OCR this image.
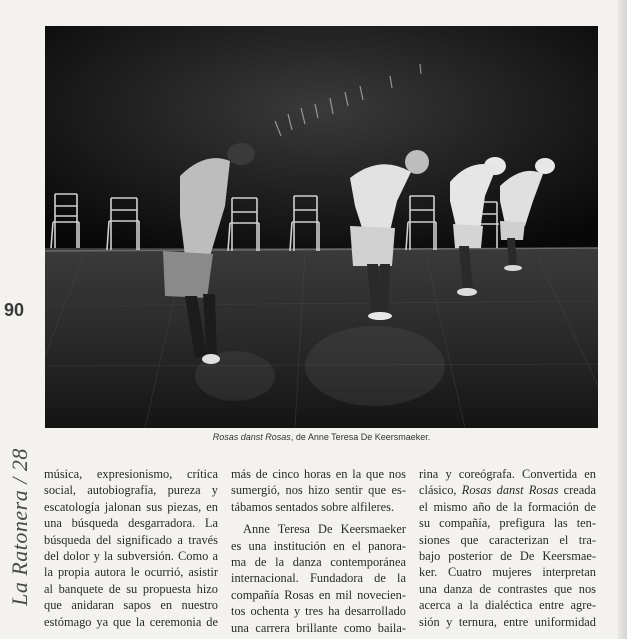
Rosas danst Rosas, de Anne Teresa De Keersmaeker.
90
La Ratonera / 28 música, expresionismo, crítica
social, autobiografía, pureza y
escatología jalonan sus piezas, en
una búsqueda desgarradora. La
búsqueda del significado a través
del dolor y la subversión. Como a
la propia autora le ocurrió, asistir
al banquete de su propuesta hizo
que anidaran sapos en nuestro
estómago ya que la ceremonia de
más de cinco horas en la que nos
sumergió, nos hizo sentir que es-
tábamos sentados sobre alfileres.
Anne Teresa De Keersmaeker
es una institución en el panora-
ma de la danza contemporánea
internacional. Fundadora de la
compañía Rosas en mil novecien-
tos ochenta y tres ha desarrollado
una carrera brillante como baila-
rina y coreógrafa. Convertida en
clásico, Rosas danst Rosas creada
el mismo año de la formación de
su compañía, prefigura las ten-
siones que caracterizan el tra-
bajo posterior de De Keersmae-
ker. Cuatro mujeres interpretan
una danza de contrastes que nos
acerca a la dialéctica entre agre-
sión y ternura, entre uniformidad
